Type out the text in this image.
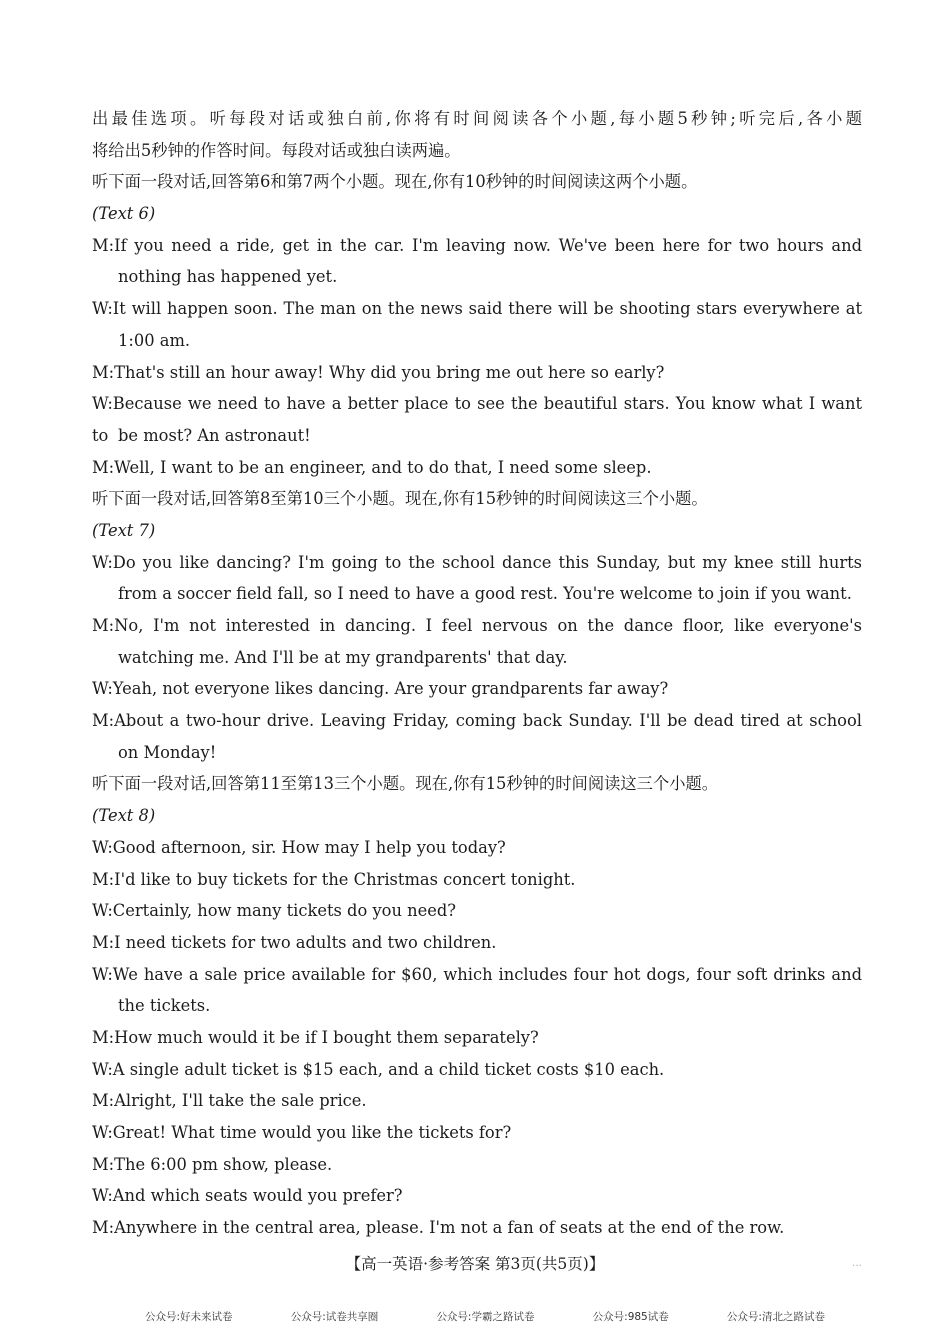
出最佳选项。听每段对话或独白前,你将有时间阅读各个小题,每小题5秒钟;听完后,各小题
将给出5秒钟的作答时间。每段对话或独白读两遍。
听下面一段对话,回答第6和第7两个小题。现在,你有10秒钟的时间阅读这两个小题。
(Text 6)
M:If you need a ride, get in the car. I'm leaving now. We've been here for two hours and
nothing has happened yet.
W:It will happen soon. The man on the news said there will be shooting stars everywhere at
1:00 am.
M:That's still an hour away! Why did you bring me out here so early?
W:Because we need to have a better place to see the beautiful stars. You know what I want to be most? An astronaut!
M:Well, I want to be an engineer, and to do that, I need some sleep.
听下面一段对话,回答第8至第10三个小题。现在,你有15秒钟的时间阅读这三个小题。
(Text 7)
W:Do you like dancing? I'm going to the school dance this Sunday, but my knee still hurts
from a soccer field fall, so I need to have a good rest. You're welcome to join if you want.
M:No, I'm not interested in dancing. I feel nervous on the dance floor, like everyone's
watching me. And I'll be at my grandparents' that day.
W:Yeah, not everyone likes dancing. Are your grandparents far away?
M:About a two-hour drive. Leaving Friday, coming back Sunday. I'll be dead tired at school
on Monday!
听下面一段对话,回答第11至第13三个小题。现在,你有15秒钟的时间阅读这三个小题。
(Text 8)
W:Good afternoon, sir. How may I help you today?
M:I'd like to buy tickets for the Christmas concert tonight.
W:Certainly, how many tickets do you need?
M:I need tickets for two adults and two children.
W:We have a sale price available for $60, which includes four hot dogs, four soft drinks and
the tickets.
M:How much would it be if I bought them separately?
W:A single adult ticket is $15 each, and a child ticket costs $10 each.
M:Alright, I'll take the sale price.
W:Great! What time would you like the tickets for?
M:The 6:00 pm show, please.
W:And which seats would you prefer?
M:Anywhere in the central area, please. I'm not a fan of seats at the end of the row.
【高一英语·参考答案 第3页(共5页)】	…
公众号:好未来试卷	公众号:试卷共享圈	公众号:学霸之路试卷	公众号:985试卷	公众号:清北之路试卷
